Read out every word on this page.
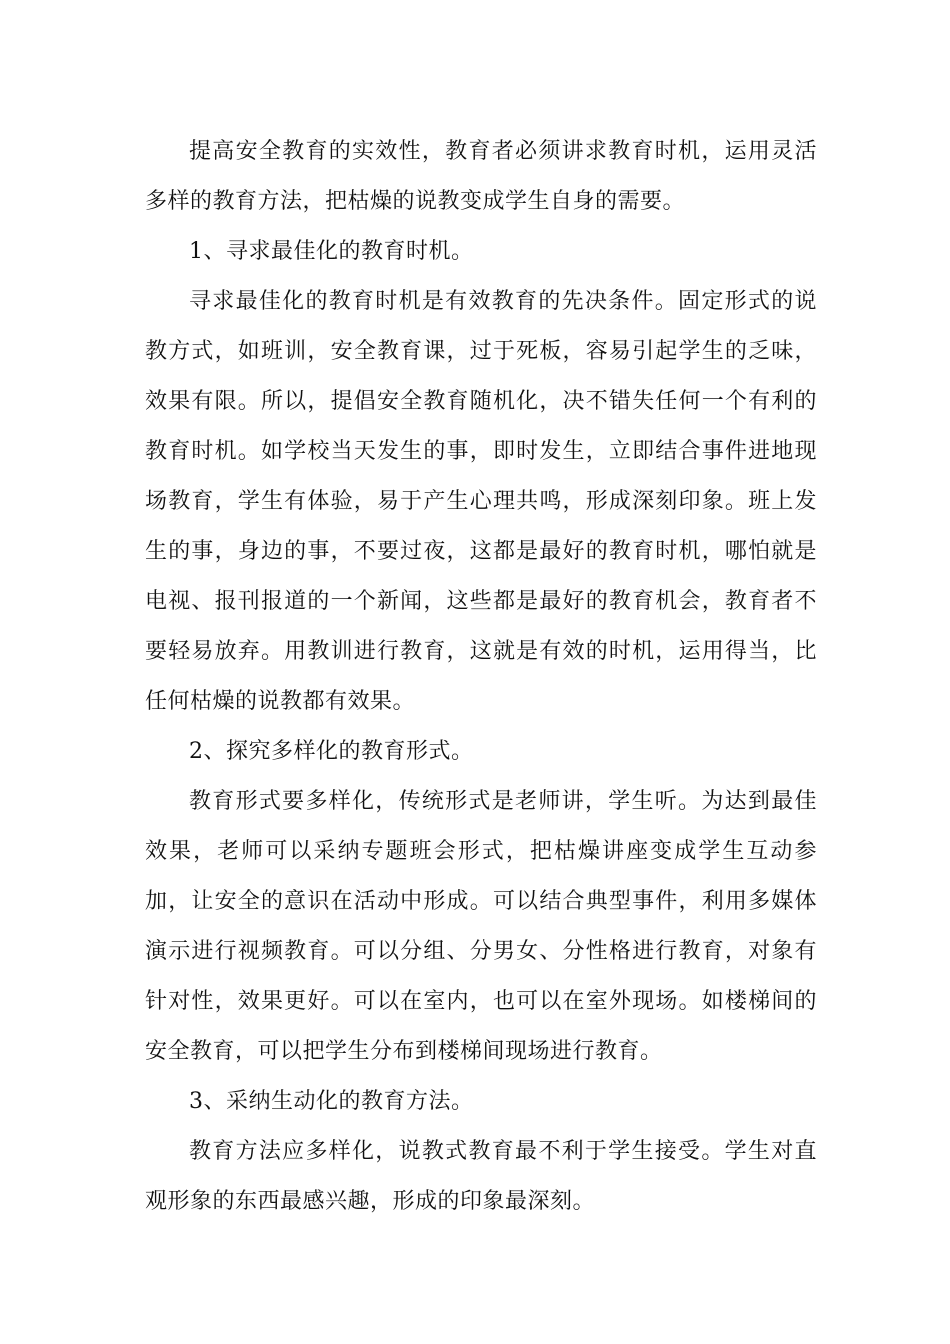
提高安全教育的实效性，教育者必须讲求教育时机，运用灵活多样的教育方法，把枯燥的说教变成学生自身的需要。

1、寻求最佳化的教育时机。

寻求最佳化的教育时机是有效教育的先决条件。固定形式的说教方式，如班训，安全教育课，过于死板，容易引起学生的乏味，效果有限。所以，提倡安全教育随机化，决不错失任何一个有利的教育时机。如学校当天发生的事，即时发生，立即结合事件进地现场教育，学生有体验，易于产生心理共鸣，形成深刻印象。班上发生的事，身边的事，不要过夜，这都是最好的教育时机，哪怕就是电视、报刊报道的一个新闻，这些都是最好的教育机会，教育者不要轻易放弃。用教训进行教育，这就是有效的时机，运用得当，比任何枯燥的说教都有效果。

2、探究多样化的教育形式。

教育形式要多样化，传统形式是老师讲，学生听。为达到最佳效果，老师可以采纳专题班会形式，把枯燥讲座变成学生互动参加，让安全的意识在活动中形成。可以结合典型事件，利用多媒体演示进行视频教育。可以分组、分男女、分性格进行教育，对象有针对性，效果更好。可以在室内，也可以在室外现场。如楼梯间的安全教育，可以把学生分布到楼梯间现场进行教育。

3、采纳生动化的教育方法。

教育方法应多样化，说教式教育最不利于学生接受。学生对直观形象的东西最感兴趣，形成的印象最深刻。
